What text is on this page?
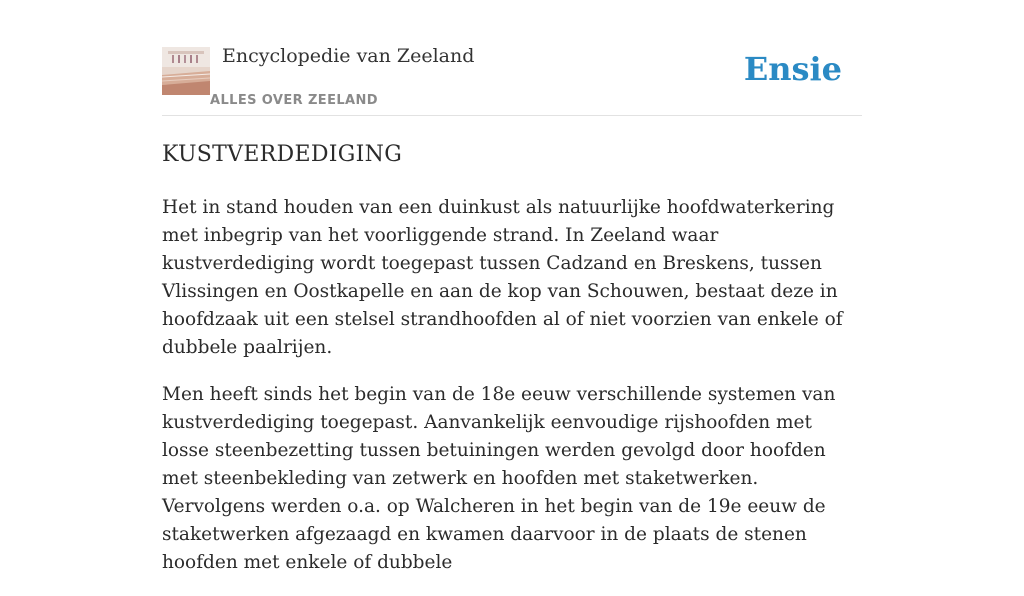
Encyclopedie van Zeeland
ALLES OVER ZEELAND
Ensie
KUSTVERDEDIGING

Het in stand houden van een duinkust als natuurlijke hoofdwaterkering met inbegrip van het voorliggende strand. In Zeeland waar kustverdediging wordt toegepast tussen Cadzand en Breskens, tussen Vlissingen en Oostkapelle en aan de kop van Schouwen, bestaat deze in hoofdzaak uit een stelsel strandhoofden al of niet voorzien van enkele of dubbele paalrijen.

Men heeft sinds het begin van de 18e eeuw verschillende systemen van kustverdediging toegepast. Aanvankelijk eenvoudige rijshoofden met losse steenbezetting tussen betuiningen werden gevolgd door hoofden met steenbekleding van zetwerk en hoofden met staketwerken. Vervolgens werden o.a. op Walcheren in het begin van de 19e eeuw de staketwerken afgezaagd en kwamen daarvoor in de plaats de stenen hoofden met enkele of dubbele
